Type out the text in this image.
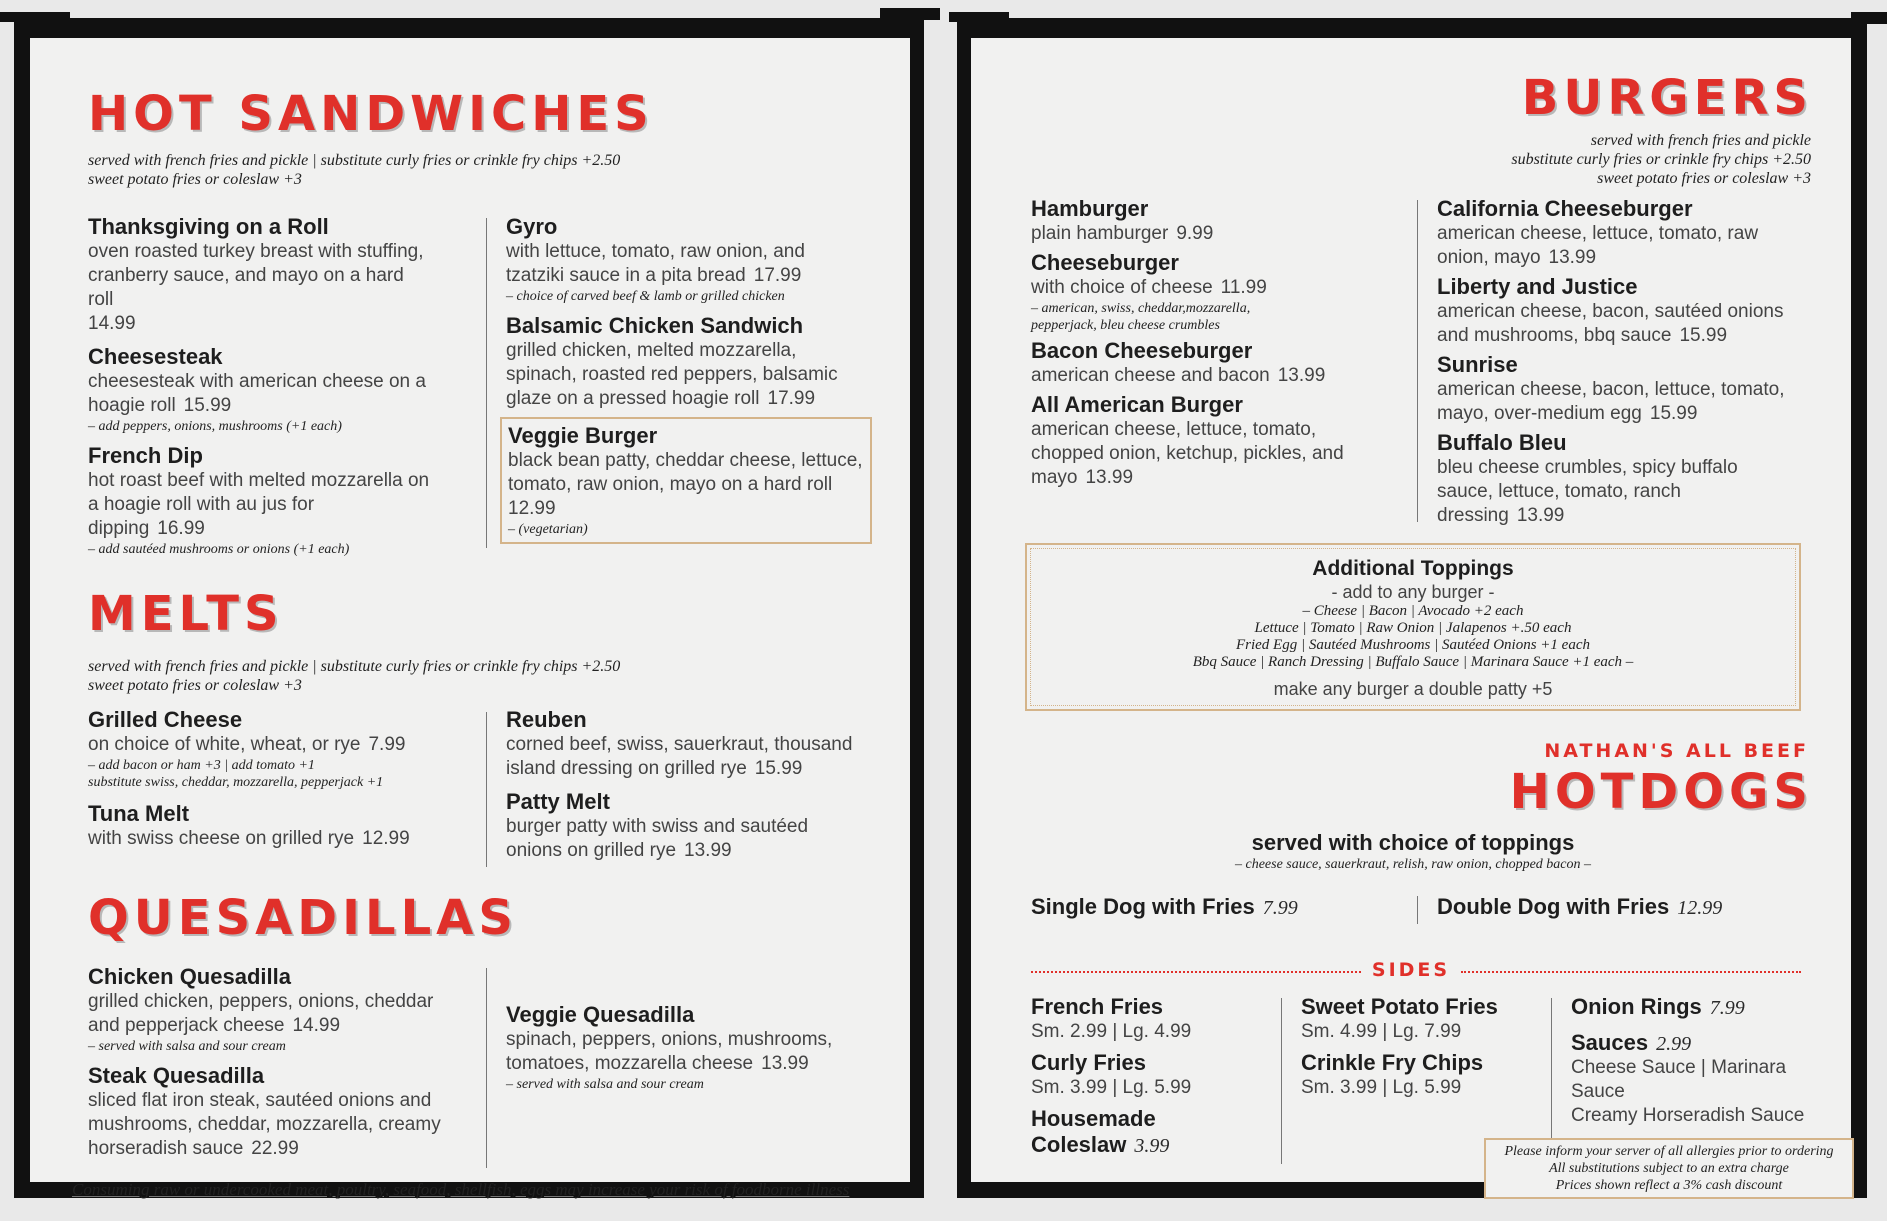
HOT SANDWICHES
served with french fries and pickle | substitute curly fries or crinkle fry chips +2.50
sweet potato fries or coleslaw +3
Thanksgiving on a Roll
oven roasted turkey breast with stuffing, cranberry sauce, and mayo on a hard roll
14.99
Cheesesteak
cheesesteak with american cheese on a hoagie roll 15.99
– add peppers, onions, mushrooms (+1 each)
French Dip
hot roast beef with melted mozzarella on a hoagie roll with au jus for dipping 16.99
– add sautéed mushrooms or onions (+1 each)
Gyro
with lettuce, tomato, raw onion, and tzatziki sauce in a pita bread 17.99
– choice of carved beef & lamb or grilled chicken
Balsamic Chicken Sandwich
grilled chicken, melted mozzarella, spinach, roasted red peppers, balsamic glaze on a pressed hoagie roll 17.99
Veggie Burger
black bean patty, cheddar cheese, lettuce, tomato, raw onion, mayo on a hard roll
12.99
– (vegetarian)
MELTS
served with french fries and pickle | substitute curly fries or crinkle fry chips +2.50
sweet potato fries or coleslaw +3
Grilled Cheese
on choice of white, wheat, or rye 7.99
– add bacon or ham +3 | add tomato +1
substitute swiss, cheddar, mozzarella, pepperjack +1
Tuna Melt
with swiss cheese on grilled rye 12.99
Reuben
corned beef, swiss, sauerkraut, thousand island dressing on grilled rye 15.99
Patty Melt
burger patty with swiss and sautéed onions on grilled rye 13.99
QUESADILLAS
Chicken Quesadilla
grilled chicken, peppers, onions, cheddar and pepperjack cheese 14.99
– served with salsa and sour cream
Steak Quesadilla
sliced flat iron steak, sautéed onions and mushrooms, cheddar, mozzarella, creamy horseradish sauce 22.99
Veggie Quesadilla
spinach, peppers, onions, mushrooms, tomatoes, mozzarella cheese 13.99
– served with salsa and sour cream
Consuming raw or undercooked meat, poultry, seafood, shellfish, eggs may increase your risk of foodborne illness
BURGERS
served with french fries and pickle
substitute curly fries or crinkle fry chips +2.50
sweet potato fries or coleslaw +3
Hamburger
plain hamburger 9.99
Cheeseburger
with choice of cheese 11.99
– american, swiss, cheddar,mozzarella, pepperjack, bleu cheese crumbles
Bacon Cheeseburger
american cheese and bacon 13.99
All American Burger
american cheese, lettuce, tomato, chopped onion, ketchup, pickles, and mayo 13.99
California Cheeseburger
american cheese, lettuce, tomato, raw onion, mayo 13.99
Liberty and Justice
american cheese, bacon, sautéed onions and mushrooms, bbq sauce 15.99
Sunrise
american cheese, bacon, lettuce, tomato, mayo, over-medium egg 15.99
Buffalo Bleu
bleu cheese crumbles, spicy buffalo sauce, lettuce, tomato, ranch dressing 13.99
Additional Toppings
- add to any burger -
– Cheese | Bacon | Avocado +2 each
Lettuce | Tomato | Raw Onion | Jalapenos +.50 each
Fried Egg | Sautéed Mushrooms | Sautéed Onions +1 each
Bbq Sauce | Ranch Dressing | Buffalo Sauce | Marinara Sauce +1 each –
make any burger a double patty +5
NATHAN'S ALL BEEF
HOTDOGS
served with choice of toppings
– cheese sauce, sauerkraut, relish, raw onion, chopped bacon –
Single Dog with Fries 7.99	Double Dog with Fries 12.99
SIDES
French Fries
Sm. 2.99 | Lg. 4.99
Curly Fries
Sm. 3.99 | Lg. 5.99
Housemade
Coleslaw 3.99
Sweet Potato Fries
Sm. 4.99 | Lg. 7.99
Crinkle Fry Chips
Sm. 3.99 | Lg. 5.99
Onion Rings 7.99
Sauces 2.99
Cheese Sauce | Marinara Sauce
Creamy Horseradish Sauce
Please inform your server of all allergies prior to ordering
All substitutions subject to an extra charge
Prices shown reflect a 3% cash discount
